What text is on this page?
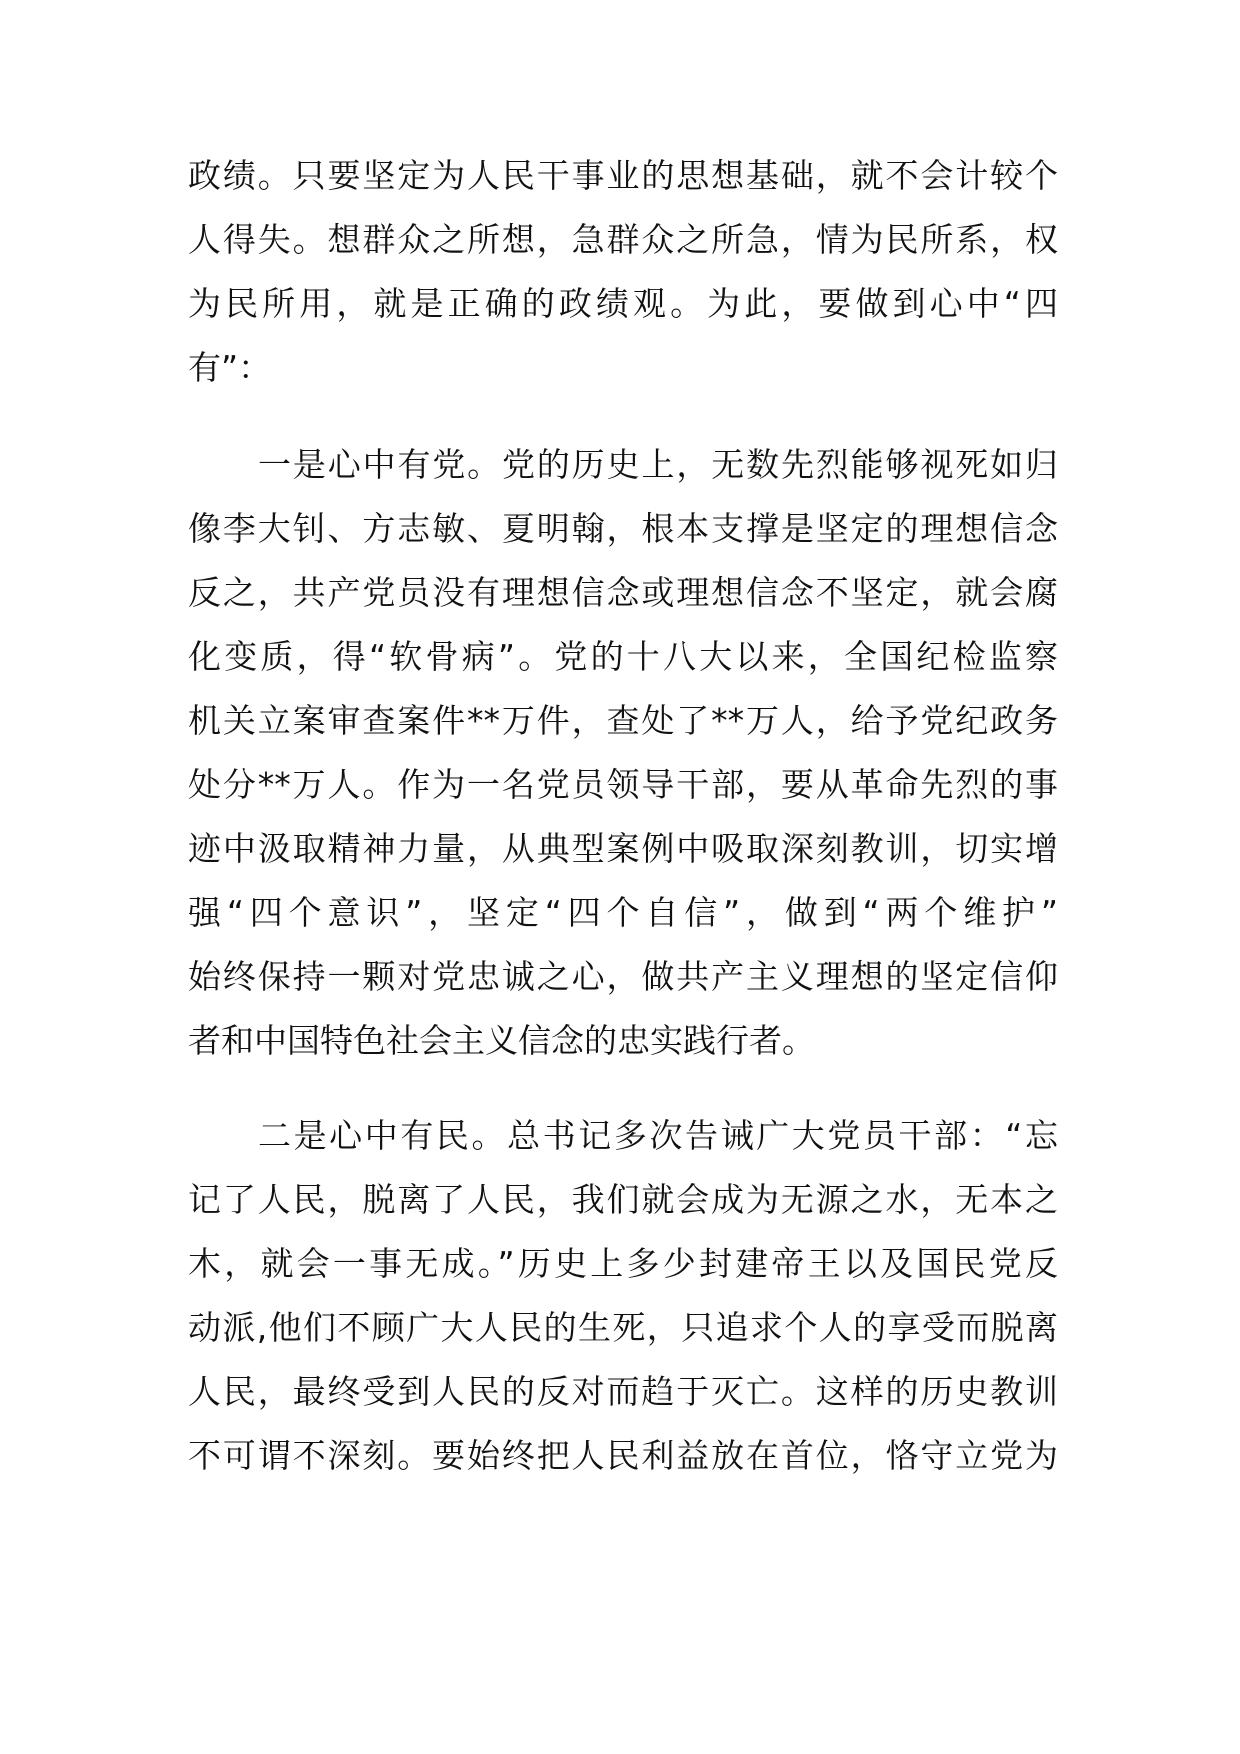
政绩。只要坚定为人民干事业的思想基础，就不会计较个
人得失。想群众之所想，急群众之所急，情为民所系，权
为民所用，就是正确的政绩观。为此，要做到心中“四
有”：
一是心中有党。党的历史上，无数先烈能够视死如归
像李大钊、方志敏、夏明翰，根本支撑是坚定的理想信念
反之，共产党员没有理想信念或理想信念不坚定，就会腐
化变质，得“软骨病”。党的十八大以来，全国纪检监察
机关立案审查案件**万件，查处了**万人，给予党纪政务
处分**万人。作为一名党员领导干部，要从革命先烈的事
迹中汲取精神力量，从典型案例中吸取深刻教训，切实增
强“四个意识”，坚定“四个自信”，做到“两个维护”
始终保持一颗对党忠诚之心，做共产主义理想的坚定信仰
者和中国特色社会主义信念的忠实践行者。
二是心中有民。总书记多次告诫广大党员干部：“忘
记了人民，脱离了人民，我们就会成为无源之水，无本之
木，就会一事无成。”历史上多少封建帝王以及国民党反
动派,他们不顾广大人民的生死，只追求个人的享受而脱离
人民，最终受到人民的反对而趋于灭亡。这样的历史教训
不可谓不深刻。要始终把人民利益放在首位，恪守立党为
